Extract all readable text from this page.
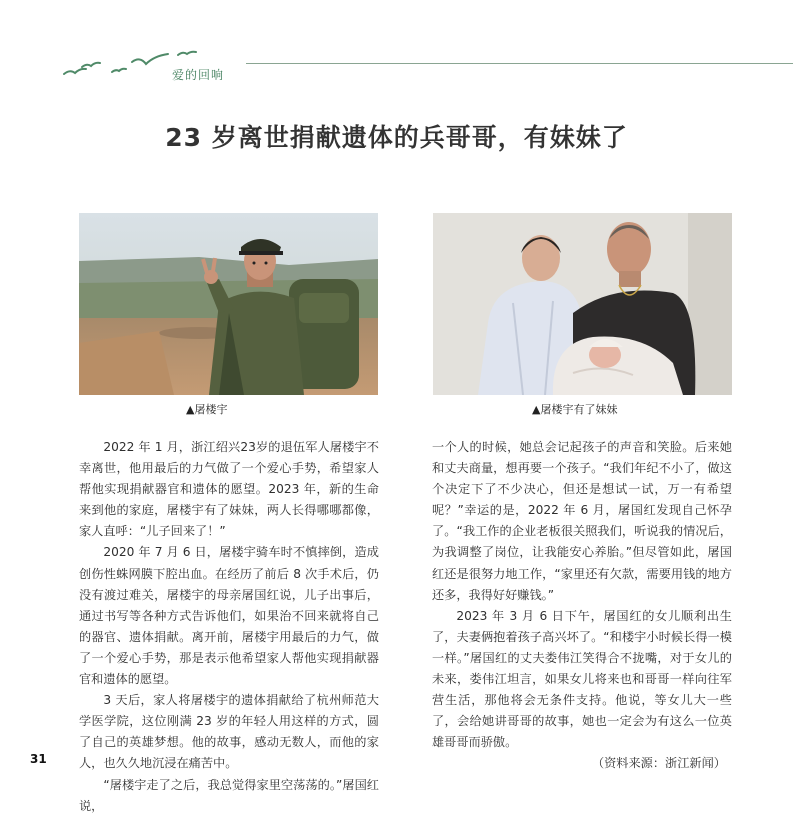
爱的回响
23 岁离世捐献遗体的兵哥哥，有妹妹了
▲屠楼宇	▲屠楼宇有了妹妹

2022 年 1 月，浙江绍兴23岁的退伍军人屠楼宇不幸离世，他用最后的力气做了一个爱心手势，希望家人帮他实现捐献器官和遗体的愿望。2023 年，新的生命来到他的家庭，屠楼宇有了妹妹，两人长得哪哪都像，家人直呼：“儿子回来了！”

2020 年 7 月 6 日，屠楼宇骑车时不慎摔倒，造成创伤性蛛网膜下腔出血。在经历了前后 8 次手术后，仍没有渡过难关，屠楼宇的母亲屠国红说，儿子出事后，通过书写等各种方式告诉他们，如果治不回来就将自己的器官、遗体捐献。离开前，屠楼宇用最后的力气，做了一个爱心手势，那是表示他希望家人帮他实现捐献器官和遗体的愿望。

3 天后，家人将屠楼宇的遗体捐献给了杭州师范大学医学院，这位刚满 23 岁的年轻人用这样的方式，圆了自己的英雄梦想。他的故事，感动无数人，而他的家人，也久久地沉浸在痛苦中。

“屠楼宇走了之后，我总觉得家里空荡荡的。”屠国红说，

一个人的时候，她总会记起孩子的声音和笑脸。后来她和丈夫商量，想再要一个孩子。“我们年纪不小了，做这个决定下了不少决心，但还是想试一试，万一有希望呢？”幸运的是，2022 年 6 月，屠国红发现自己怀孕了。“我工作的企业老板很关照我们，听说我的情况后，为我调整了岗位，让我能安心养胎。”但尽管如此，屠国红还是很努力地工作，“家里还有欠款，需要用钱的地方还多，我得好好赚钱。”

2023 年 3 月 6 日下午，屠国红的女儿顺利出生了，夫妻俩抱着孩子高兴坏了。“和楼宇小时候长得一模一样。”屠国红的丈夫娄伟江笑得合不拢嘴，对于女儿的未来，娄伟江坦言，如果女儿将来也和哥哥一样向往军营生活，那他将会无条件支持。他说，等女儿大一些了，会给她讲哥哥的故事，她也一定会为有这么一位英雄哥哥而骄傲。

（资料来源：浙江新闻）

31
